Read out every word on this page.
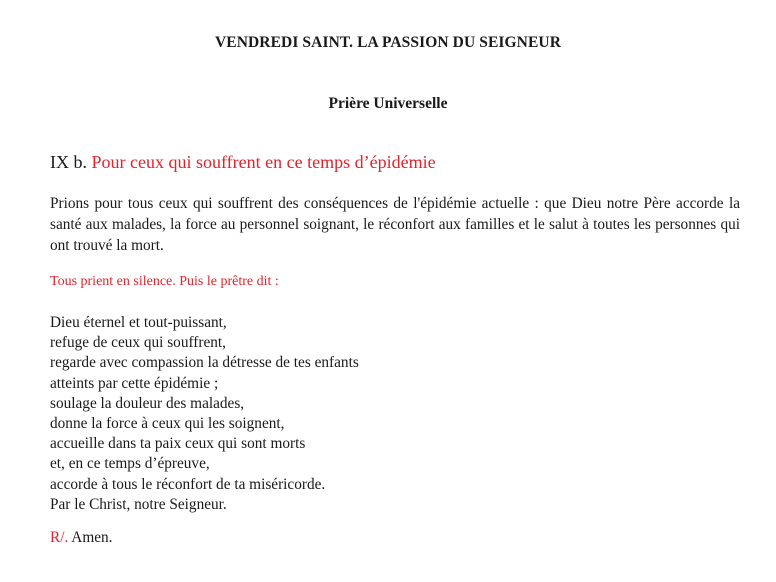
VENDREDI SAINT. LA PASSION DU SEIGNEUR
Prière Universelle
IX b. Pour ceux qui souffrent en ce temps d’épidémie
Prions pour tous ceux qui souffrent des conséquences de l'épidémie actuelle : que Dieu notre Père accorde la santé aux malades, la force au personnel soignant, le réconfort aux familles et le salut à toutes les personnes qui ont trouvé la mort.
Tous prient en silence. Puis le prêtre dit :
Dieu éternel et tout-puissant,
refuge de ceux qui souffrent,
regarde avec compassion la détresse de tes enfants
atteints par cette épidémie ;
soulage la douleur des malades,
donne la force à ceux qui les soignent,
accueille dans ta paix ceux qui sont morts
et, en ce temps d’épreuve,
accorde à tous le réconfort de ta miséricorde.
Par le Christ, notre Seigneur.
R/. Amen.
